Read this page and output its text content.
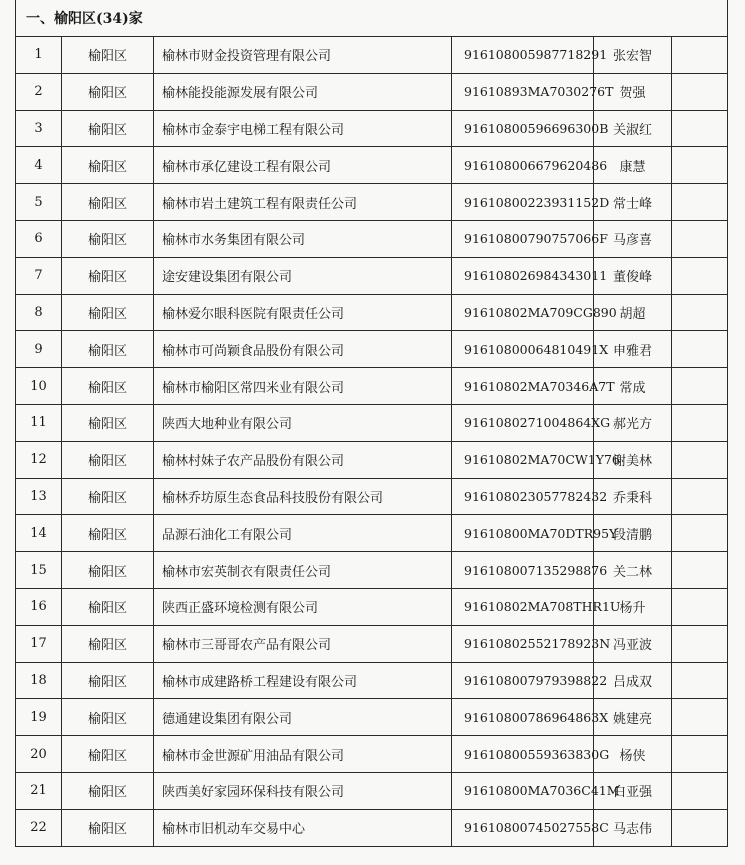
一、榆阳区(34)家					
1	榆阳区	榆林市财金投资管理有限公司	916108005987718291	张宏智	
2	榆阳区	榆林能投能源发展有限公司	91610893MA7030276T	贺强	
3	榆阳区	榆林市金泰宇电梯工程有限公司	91610800596696300B	关淑红	
4	榆阳区	榆林市承亿建设工程有限公司	916108006679620486	康慧	
5	榆阳区	榆林市岩土建筑工程有限责任公司	9161080022393115​2D	常士峰	
6	榆阳区	榆林市水务集团有限公司	9161080079075706​6F	马彦喜	
7	榆阳区	途安建设集团有限公司	916108026984343011	董俊峰	
8	榆阳区	榆林爱尔眼科医院有限责任公司	91610802MA709CG890	胡超	
9	榆阳区	榆林市可尚颖食品股份有限公司	91610800064810491X	申雅君	
10	榆阳区	榆林市榆阳区常四米业有限公司	91610802MA70346A7T	常成	
11	榆阳区	陕西大地种业有限公司	91610802710048​64XG	郝光方	
12	榆阳区	榆林村妹子农产品股份有限公司	91610802MA70CW1Y76	谢美林	
13	榆阳区	榆林乔坊原生态食品科技股份有限公司	916108023057782432	乔秉科	
14	榆阳区	品源石油化工有限公司	91610800MA70DTR95Y	段清鹏	
15	榆阳区	榆林市宏英制衣有限责任公司	916108007135298876	关二林	
16	榆阳区	陕西正盛环境检测有限公司	91610802MA708THR1U	杨升	
17	榆阳区	榆林市三哥哥农产品有限公司	91610802552178923N	冯亚波	
18	榆阳区	榆林市成建路桥工程建设有限公司	916108007979398822	吕成双	
19	榆阳区	德通建设集团有限公司	91610800786964863X	姚建亮	
20	榆阳区	榆林市金世源矿用油品有限公司	91610800559363830G	杨侠	
21	榆阳区	陕西美好家园环保科技有限公司	91610800MA7036C41M	白亚强	
22	榆阳区	榆林市旧机动车交易中心	91610800745027558C	马志伟	
